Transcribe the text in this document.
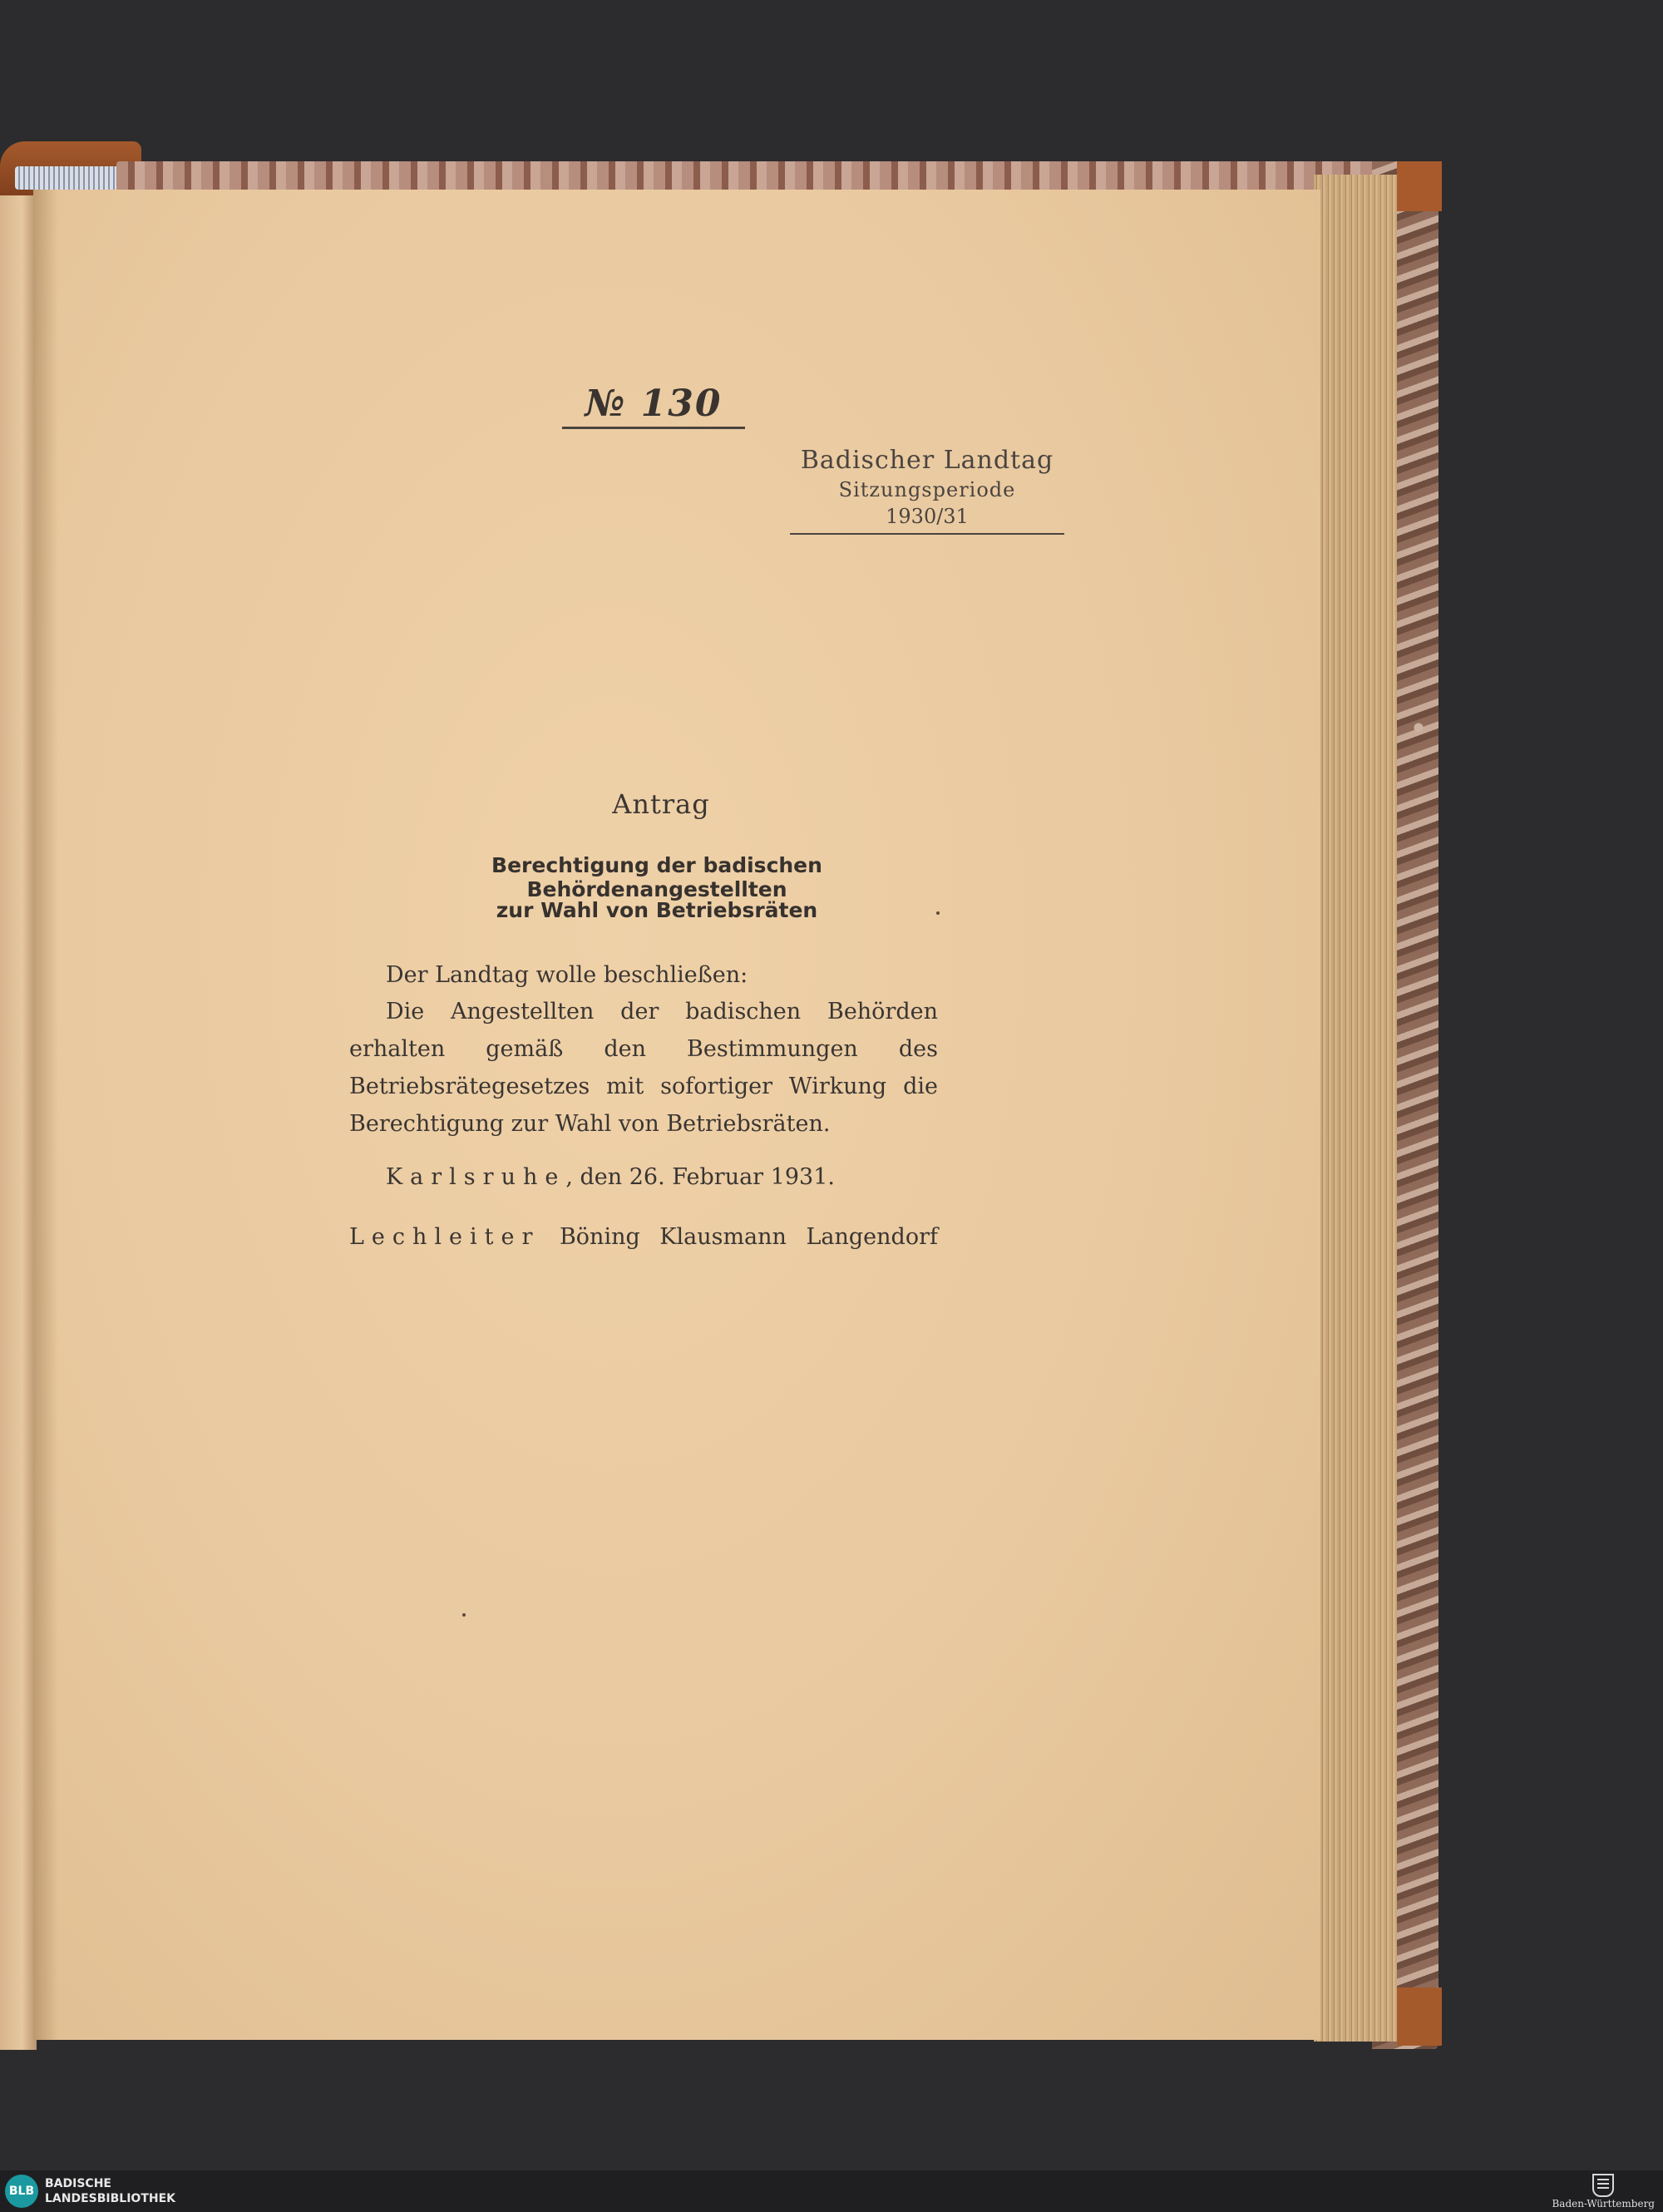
№ 130
Badischer Landtag
Sitzungsperiode
1930/31
Antrag
Berechtigung der badischen Behördenangestellten
zur Wahl von Betriebsräten
Der Landtag wolle beschließen:
Die Angestellten der badischen Behörden erhalten gemäß den Bestimmungen des Betriebsrätegesetzes mit sofortiger Wirkung die Berechtigung zur Wahl von Betriebsräten.
Karlsruhe, den 26. Februar 1931.
Lechleiter Böning Klausmann Langendorf
BLB
BADISCHE
LANDESBIBLIOTHEK	Baden-Württemberg
